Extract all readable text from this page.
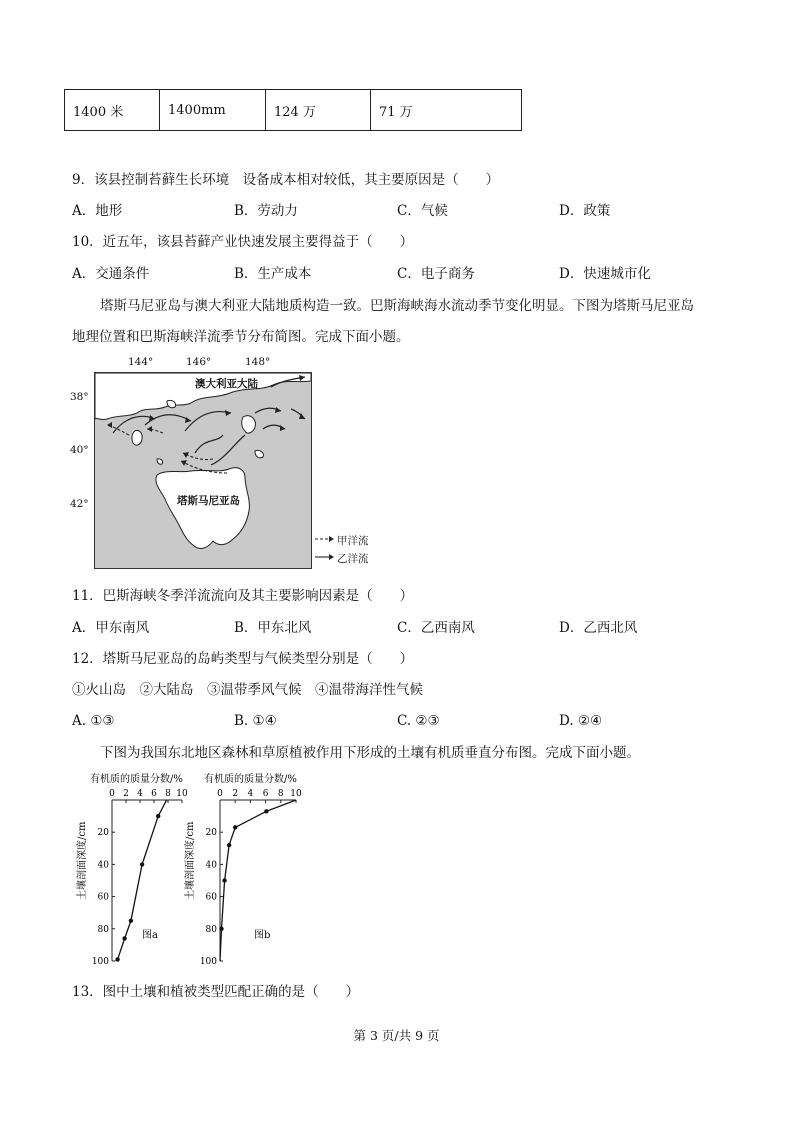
1400 米	1400mm	124 万	71 万
9．该县控制苔藓生长环境　设备成本相对较低，其主要原因是（　　）
A．地形	B．劳动力	C．气候	D．政策
10．近五年，该县苔藓产业快速发展主要得益于（　　）
A．交通条件	B．生产成本	C．电子商务	D．快速城市化
塔斯马尼亚岛与澳大利亚大陆地质构造一致。巴斯海峡海水流动季节变化明显。下图为塔斯马尼亚岛
地理位置和巴斯海峡洋流季节分布简图。完成下面小题。
144°	146°	148°
38°
40°
42°
澳大利亚大陆
塔斯马尼亚岛
甲洋流
乙洋流
11．巴斯海峡冬季洋流流向及其主要影响因素是（　　）
A．甲东南风	B．甲东北风	C．乙西南风	D．乙西北风
12．塔斯马尼亚岛的岛屿类型与气候类型分别是（　　）
①火山岛　②大陆岛　③温带季风气候　④温带海洋性气候
A. ①③	B. ①④	C. ②③	D. ②④
下图为我国东北地区森林和草原植被作用下形成的土壤有机质垂直分布图。完成下面小题。
有机质的质量分数/%
土壤剖面深度/cm
0 2 4 6 8 10
20
40
60
80
100
图a
有机质的质量分数/%
土壤剖面深度/cm
0 2 4 6 8 10
20
40
60
80
100
图b
13．图中土壤和植被类型匹配正确的是（　　）
第 3 页/共 9 页
